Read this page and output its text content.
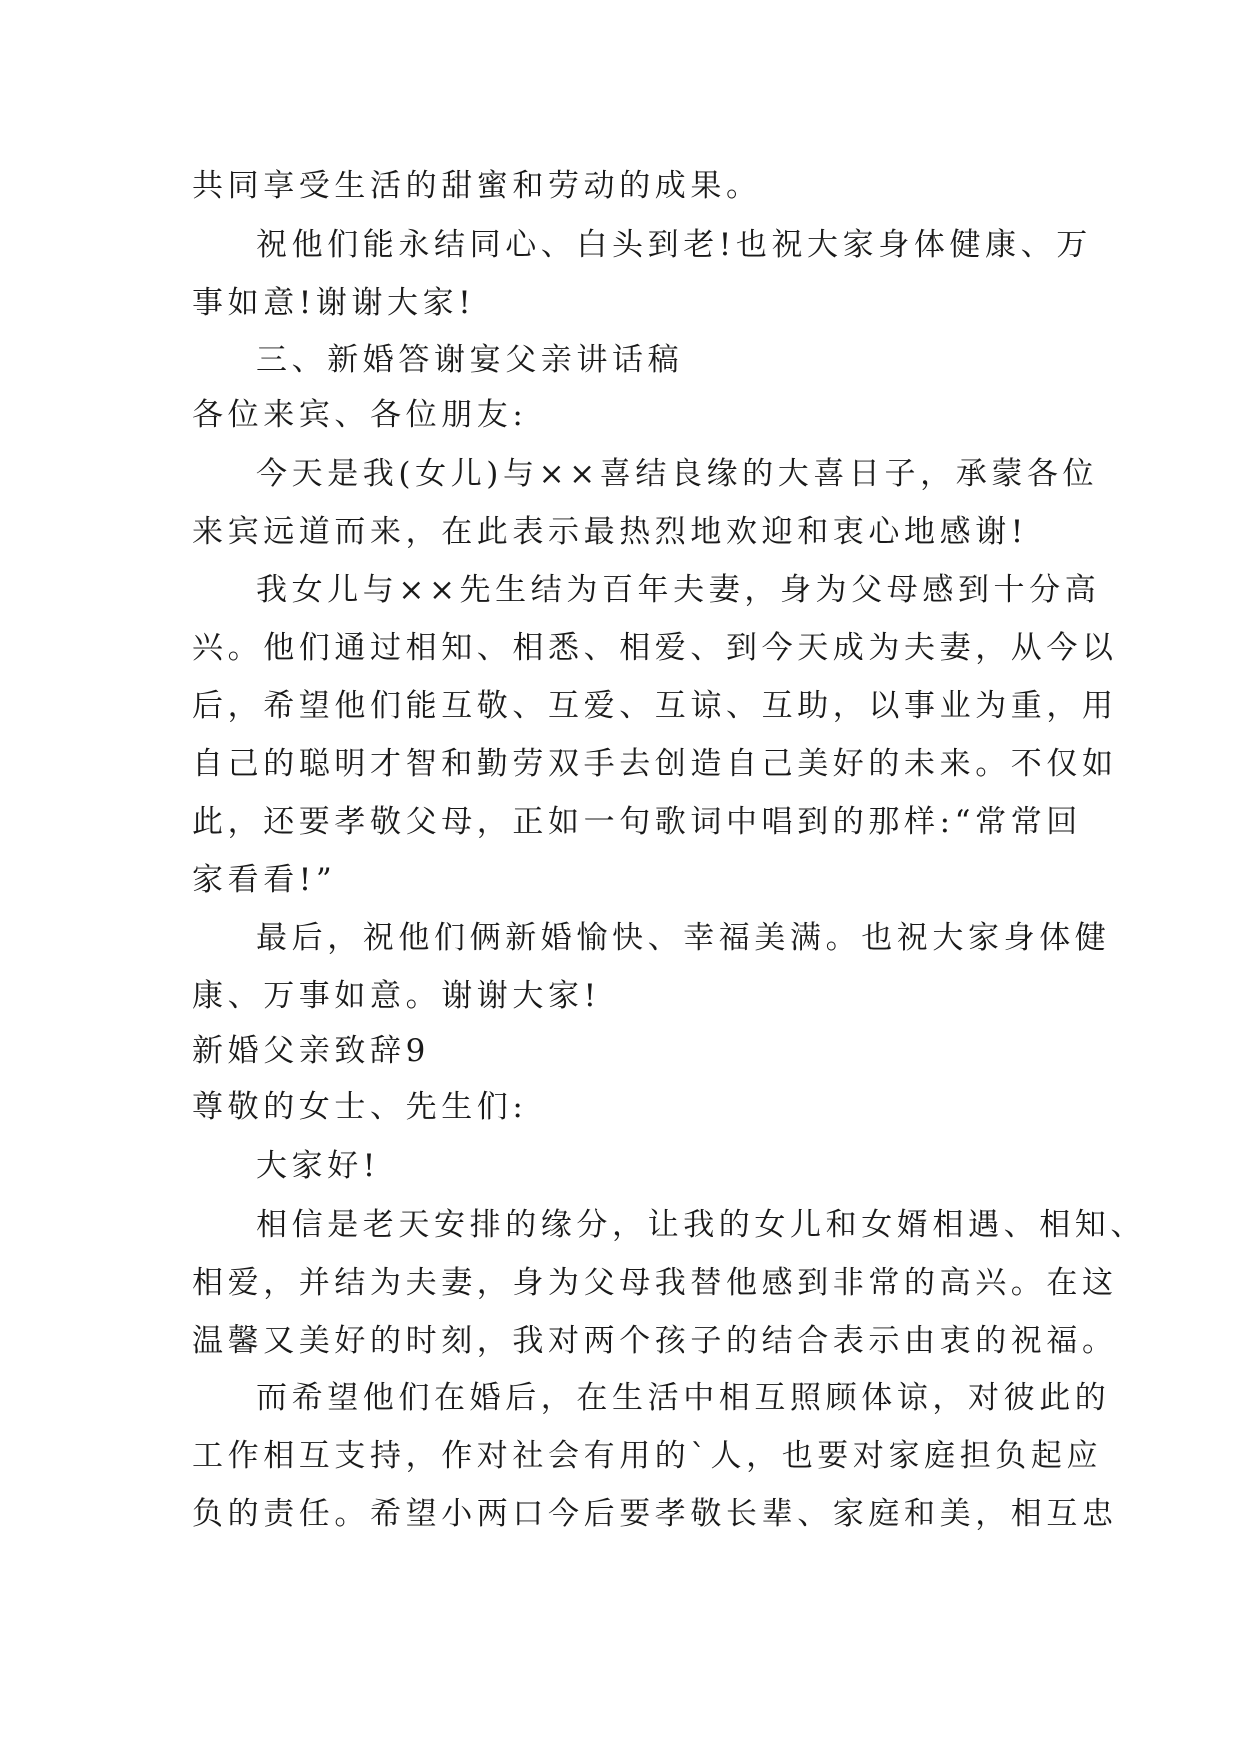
共同享受生活的甜蜜和劳动的成果。
祝他们能永结同心、白头到老!也祝大家身体健康、万
事如意!谢谢大家!
三、新婚答谢宴父亲讲话稿
各位来宾、各位朋友:
今天是我(女儿)与××喜结良缘的大喜日子，承蒙各位
来宾远道而来，在此表示最热烈地欢迎和衷心地感谢!
我女儿与××先生结为百年夫妻，身为父母感到十分高
兴。他们通过相知、相悉、相爱、到今天成为夫妻，从今以
后，希望他们能互敬、互爱、互谅、互助，以事业为重，用
自己的聪明才智和勤劳双手去创造自己美好的未来。不仅如
此，还要孝敬父母，正如一句歌词中唱到的那样:“常常回
家看看!”
最后，祝他们俩新婚愉快、幸福美满。也祝大家身体健
康、万事如意。谢谢大家!
新婚父亲致辞9
尊敬的女士、先生们:
大家好!
相信是老天安排的缘分，让我的女儿和女婿相遇、相知、
相爱，并结为夫妻，身为父母我替他感到非常的高兴。在这
温馨又美好的时刻，我对两个孩子的结合表示由衷的祝福。
而希望他们在婚后，在生活中相互照顾体谅，对彼此的
工作相互支持，作对社会有用的`人，也要对家庭担负起应
负的责任。希望小两口今后要孝敬长辈、家庭和美，相互忠
